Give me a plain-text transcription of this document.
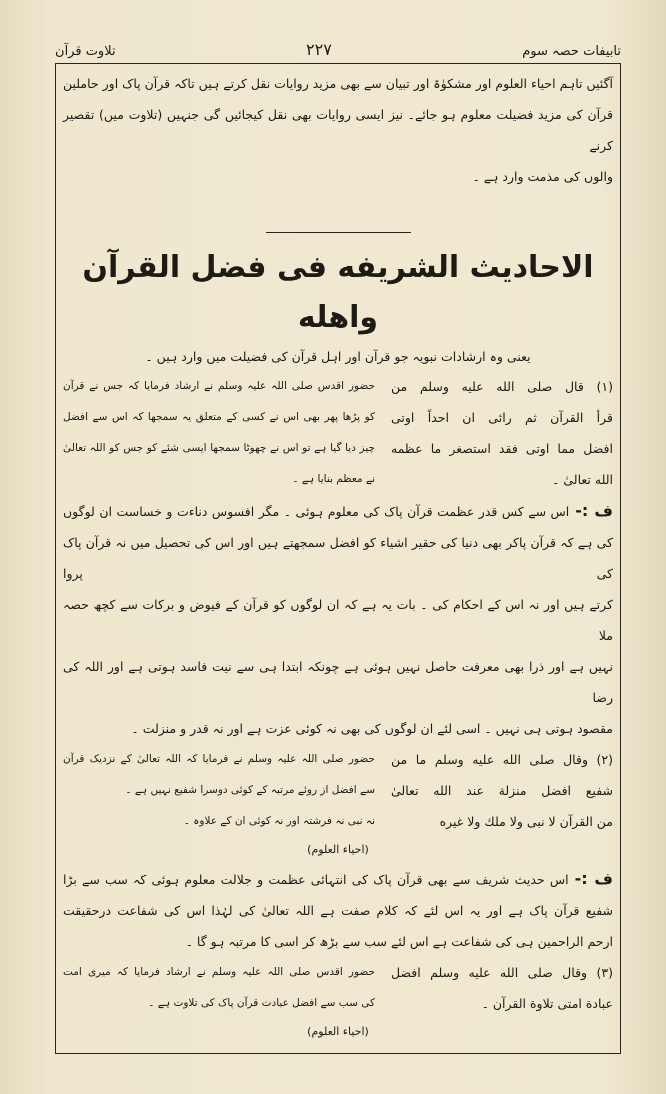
تابیفات حصہ سوم
۲۲۷
تلاوت قرآن
آگئیں تاہم احیاء العلوم اور مشکوٰۃ اور تبیان سے بھی مزید روایات نقل کرتے ہیں تاکہ قرآن پاک اور حاملین
قرآن کی مزید فضیلت معلوم ہو جائے۔ نیز ایسی روایات بھی نقل کیجائیں گی جنہیں (تلاوت میں) تقصیر کرنے
والوں کی مذمت وارد ہے ۔
الاحادیث الشریفه فی فضل القرآن واهله
یعنی وہ ارشادات نبویہ جو قرآن اور اہل قرآن کی فضیلت میں وارد ہیں ۔
(۱) قال صلی الله علیه وسلم من
قرأ القرآن ثم رائی ان احداً اوتی
افضل مما اوتی فقد استصغر ما عظمه
الله تعالیٰ ۔
حضور اقدس صلی اللہ علیہ وسلم نے ارشاد فرمایا کہ جس نے قرآن
کو پڑھا پھر بھی اس نے کسی کے متعلق یہ سمجھا کہ اس سے افضل
چیز دیا گیا ہے تو اس نے چھوٹا سمجھا ایسی شئے کو جس کو اللہ تعالیٰ
نے معظم بنایا ہے ۔
ف :-اس سے کس قدر عظمت قرآن پاک کی معلوم ہوئی ۔ مگر افسوس دناءت و خساست ان لوگوں
کی ہے کہ قرآن پاکر بھی دنیا کی حقیر اشیاء کو افضل سمجھتے ہیں اور اس کی تحصیل میں نہ قرآن پاک کی پروا
کرتے ہیں اور نہ اس کے احکام کی ۔ بات یہ ہے کہ ان لوگوں کو قرآن کے فیوض و برکات سے کچھ حصہ ملا
نہیں ہے اور ذرا بھی معرفت حاصل نہیں ہوئی ہے چونکہ ابتدا ہی سے نیت فاسد ہوتی ہے اور اللہ کی رضا
مقصود ہوتی ہی نہیں ۔ اسی لئے ان لوگوں کی بھی نہ کوئی عزت ہے اور نہ قدر و منزلت ۔
(۲) وقال صلی الله علیه وسلم ما من
شفیع افضل منزلة عند الله تعالیٰ
من القرآن لا نبی ولا ملك ولا غیره
حضور صلی اللہ علیہ وسلم نے فرمایا کہ اللہ تعالیٰ کے نزدیک قرآن
سے افضل از روئے مرتبہ کے کوئی دوسرا شفیع نہیں ہے ۔
نہ نبی نہ فرشتہ اور نہ کوئی ان کے علاوہ ۔
(احیاء العلوم)
ف :-اس حدیث شریف سے بھی قرآن پاک کی انتہائی عظمت و جلالت معلوم ہوئی کہ سب سے بڑا
شفیع قرآن پاک ہے اور یہ اس لئے کہ کلام صفت ہے اللہ تعالیٰ کی لہٰذا اس کی شفاعت درحقیقت
ارحم الراحمین ہی کی شفاعت ہے اس لئے سب سے بڑھ کر اسی کا مرتبہ ہو گا ۔
(۳) وقال صلی الله علیه وسلم افضل
عبادة امتی تلاوة القرآن ۔
حضور اقدس صلی اللہ علیہ وسلم نے ارشاد فرمایا کہ میری امت
کی سب سے افضل عبادت قرآن پاک کی تلاوت ہے ۔
(احیاء العلوم)
